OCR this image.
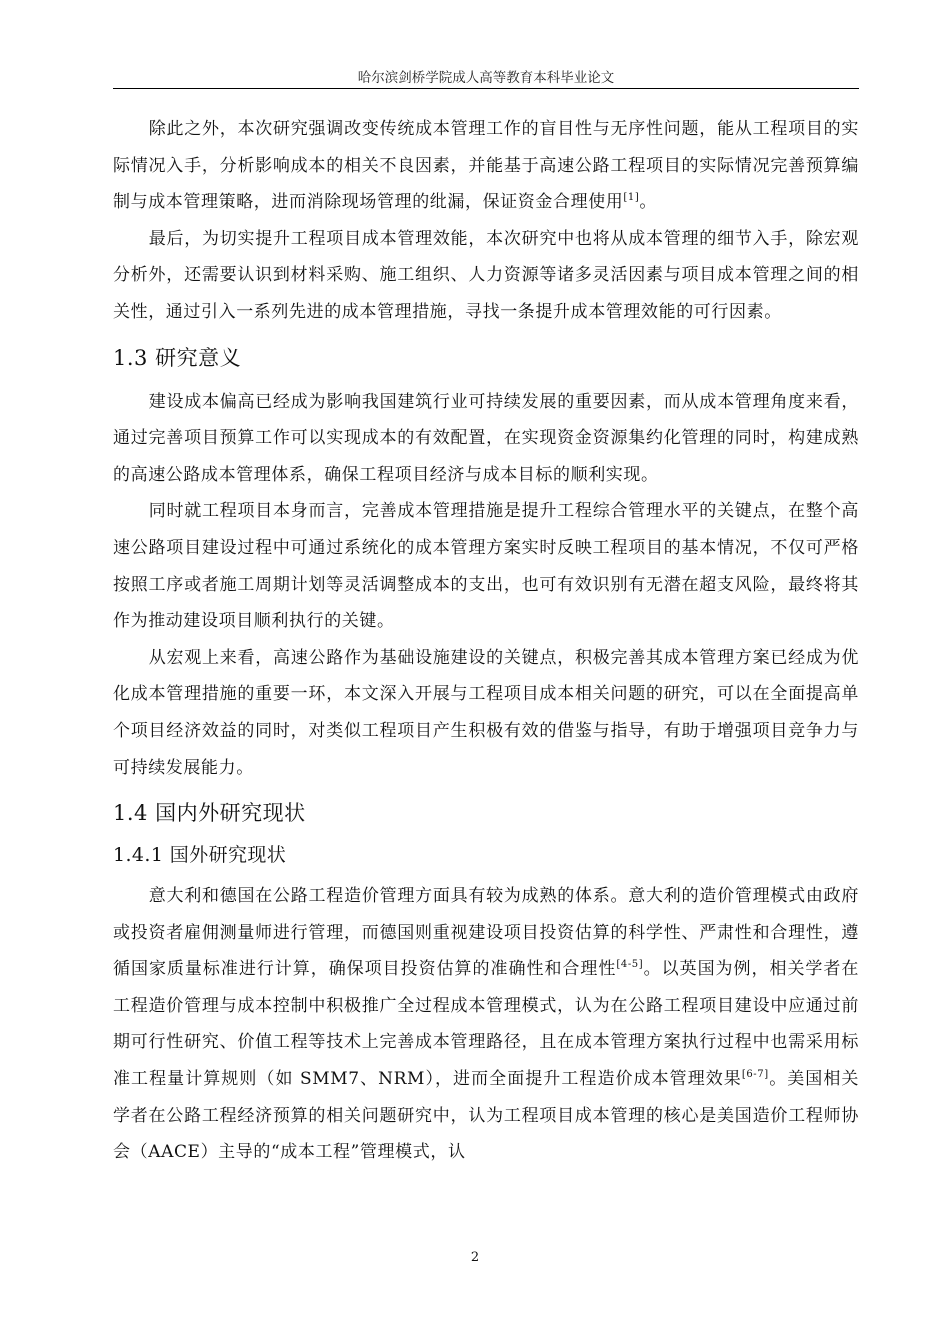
哈尔滨剑桥学院成人高等教育本科毕业论文

除此之外，本次研究强调改变传统成本管理工作的盲目性与无序性问题，能从工程项目的实际情况入手，分析影响成本的相关不良因素，并能基于高速公路工程项目的实际情况完善预算编制与成本管理策略，进而消除现场管理的纰漏，保证资金合理使用[1]。

最后，为切实提升工程项目成本管理效能，本次研究中也将从成本管理的细节入手，除宏观分析外，还需要认识到材料采购、施工组织、人力资源等诸多灵活因素与项目成本管理之间的相关性，通过引入一系列先进的成本管理措施，寻找一条提升成本管理效能的可行因素。

1.3 研究意义

建设成本偏高已经成为影响我国建筑行业可持续发展的重要因素，而从成本管理角度来看，通过完善项目预算工作可以实现成本的有效配置，在实现资金资源集约化管理的同时，构建成熟的高速公路成本管理体系，确保工程项目经济与成本目标的顺利实现。

同时就工程项目本身而言，完善成本管理措施是提升工程综合管理水平的关键点，在整个高速公路项目建设过程中可通过系统化的成本管理方案实时反映工程项目的基本情况，不仅可严格按照工序或者施工周期计划等灵活调整成本的支出，也可有效识别有无潜在超支风险，最终将其作为推动建设项目顺利执行的关键。

从宏观上来看，高速公路作为基础设施建设的关键点，积极完善其成本管理方案已经成为优化成本管理措施的重要一环，本文深入开展与工程项目成本相关问题的研究，可以在全面提高单个项目经济效益的同时，对类似工程项目产生积极有效的借鉴与指导，有助于增强项目竞争力与可持续发展能力。

1.4 国内外研究现状
1.4.1 国外研究现状

意大利和德国在公路工程造价管理方面具有较为成熟的体系。意大利的造价管理模式由政府或投资者雇佣测量师进行管理，而德国则重视建设项目投资估算的科学性、严肃性和合理性，遵循国家质量标准进行计算，确保项目投资估算的准确性和合理性[4-5]。以英国为例，相关学者在工程造价管理与成本控制中积极推广全过程成本管理模式，认为在公路工程项目建设中应通过前期可行性研究、价值工程等技术上完善成本管理路径，且在成本管理方案执行过程中也需采用标准工程量计算规则（如 SMM7、NRM），进而全面提升工程造价成本管理效果[6-7]。美国相关学者在公路工程经济预算的相关问题研究中，认为工程项目成本管理的核心是美国造价工程师协会（AACE）主导的“成本工程”管理模式，认

2
